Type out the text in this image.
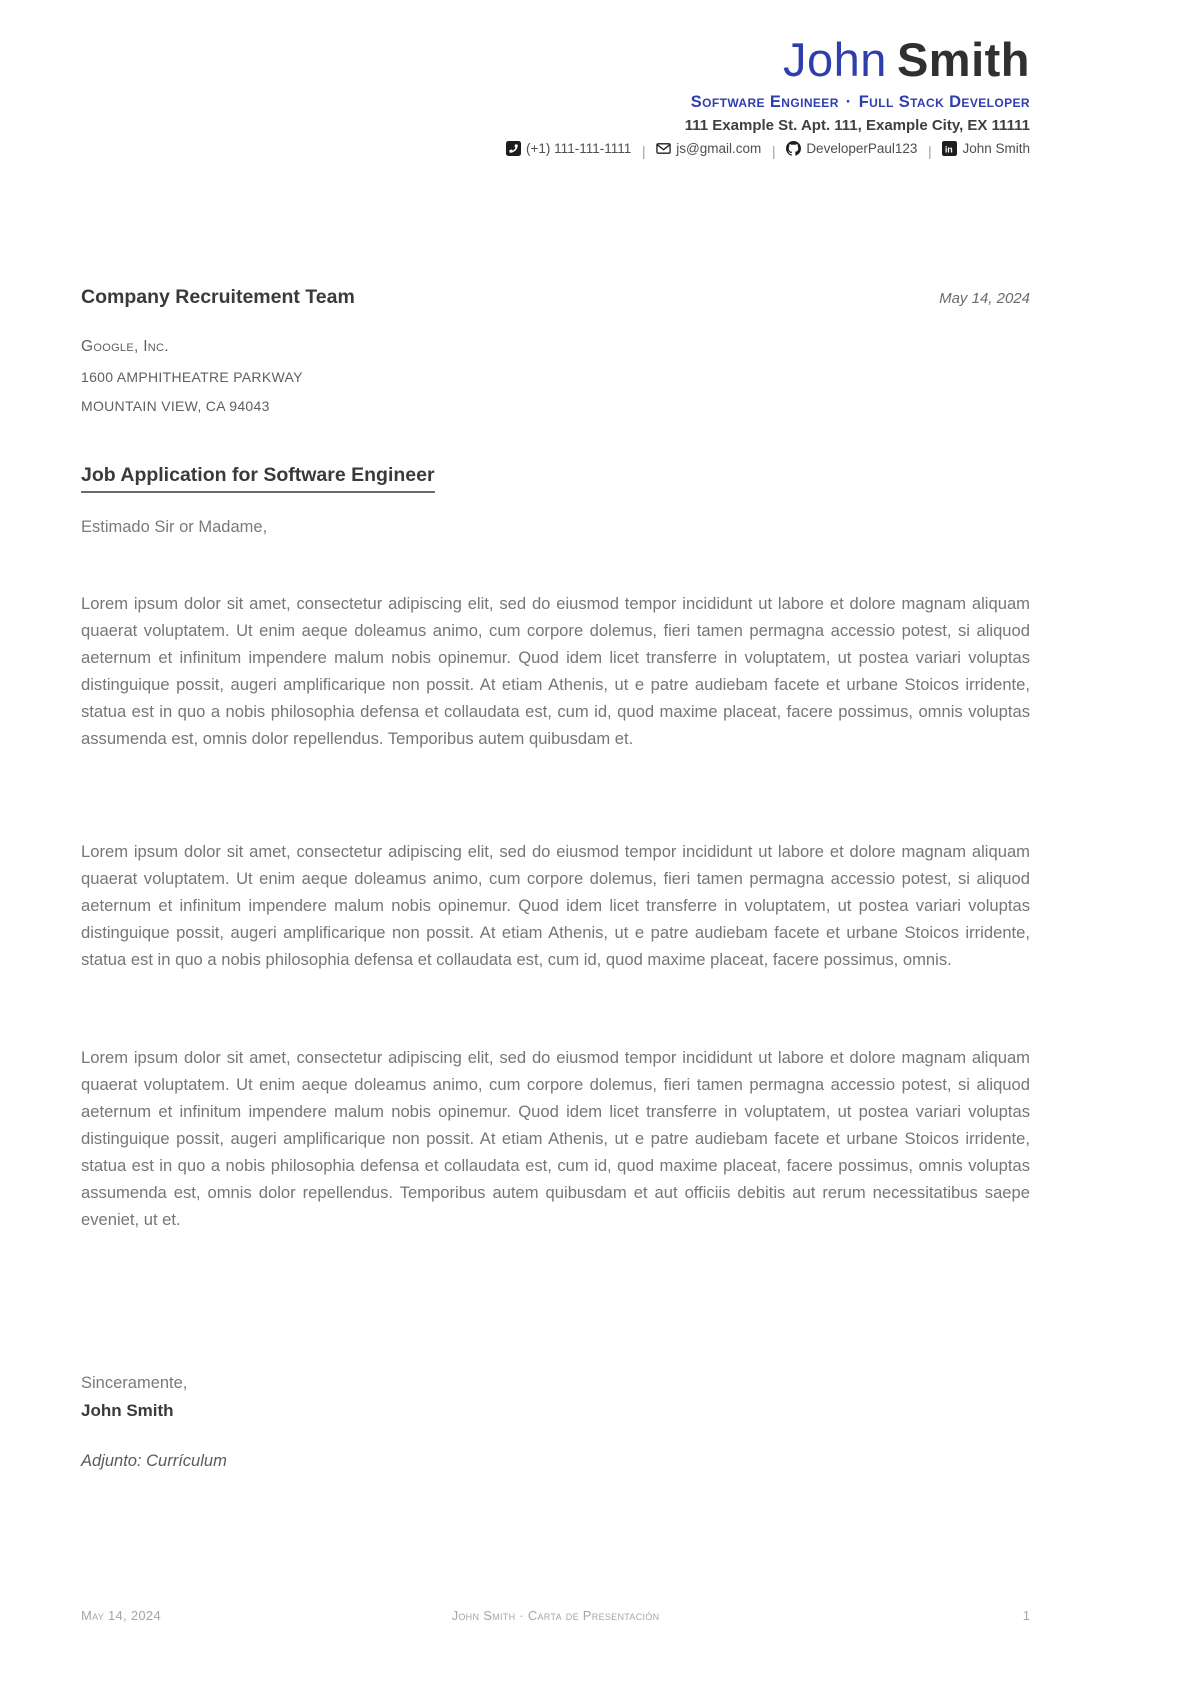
John Smith
Software Engineer · Full Stack Developer
111 Example St. Apt. 111, Example City, EX 11111
(+1) 111-111-1111 | js@gmail.com | DeveloperPaul123 | in John Smith
Company Recruitement Team	May 14, 2024
Google, Inc.
1600 AMPHITHEATRE PARKWAY
MOUNTAIN VIEW, CA 94043
Job Application for Software Engineer
Estimado Sir or Madame,
Lorem ipsum dolor sit amet, consectetur adipiscing elit, sed do eiusmod tempor incididunt ut labore et dolore magnam aliquam quaerat voluptatem. Ut enim aeque doleamus animo, cum corpore dolemus, fieri tamen permagna accessio potest, si aliquod aeternum et infinitum impendere malum nobis opinemur. Quod idem licet transferre in voluptatem, ut postea variari voluptas distinguique possit, augeri amplificarique non possit. At etiam Athenis, ut e patre audiebam facete et urbane Stoicos irridente, statua est in quo a nobis philosophia defensa et collaudata est, cum id, quod maxime placeat, facere possimus, omnis voluptas assumenda est, omnis dolor repellendus. Temporibus autem quibusdam et.
Lorem ipsum dolor sit amet, consectetur adipiscing elit, sed do eiusmod tempor incididunt ut labore et dolore magnam aliquam quaerat voluptatem. Ut enim aeque doleamus animo, cum corpore dolemus, fieri tamen permagna accessio potest, si aliquod aeternum et infinitum impendere malum nobis opinemur. Quod idem licet transferre in voluptatem, ut postea variari voluptas distinguique possit, augeri amplificarique non possit. At etiam Athenis, ut e patre audiebam facete et urbane Stoicos irridente, statua est in quo a nobis philosophia defensa et collaudata est, cum id, quod maxime placeat, facere possimus, omnis.
Lorem ipsum dolor sit amet, consectetur adipiscing elit, sed do eiusmod tempor incididunt ut labore et dolore magnam aliquam quaerat voluptatem. Ut enim aeque doleamus animo, cum corpore dolemus, fieri tamen permagna accessio potest, si aliquod aeternum et infinitum impendere malum nobis opinemur. Quod idem licet transferre in voluptatem, ut postea variari voluptas distinguique possit, augeri amplificarique non possit. At etiam Athenis, ut e patre audiebam facete et urbane Stoicos irridente, statua est in quo a nobis philosophia defensa et collaudata est, cum id, quod maxime placeat, facere possimus, omnis voluptas assumenda est, omnis dolor repellendus. Temporibus autem quibusdam et aut officiis debitis aut rerum necessitatibus saepe eveniet, ut et.
Sinceramente,
John Smith
Adjunto: Currículum
May 14, 2024	John Smith · Carta de Presentación	1
